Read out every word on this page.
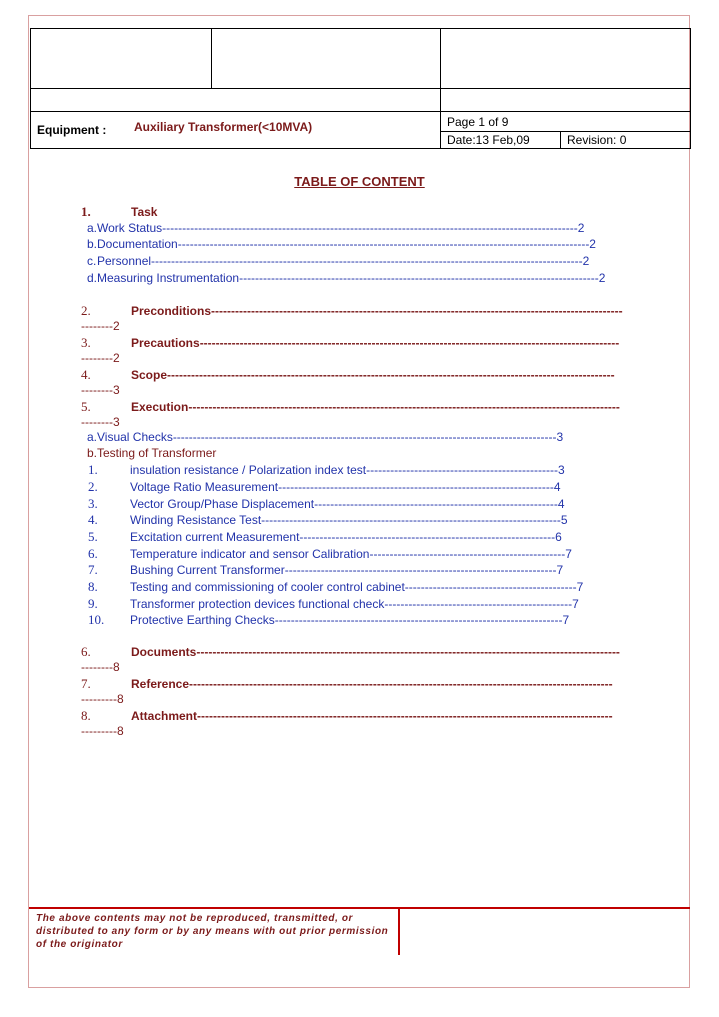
Equipment : Auxiliary Transformer(<10MVA)	Page 1 of 9
Date:13 Feb,09	Revision: 0
TABLE OF CONTENT
1.	Task
a.Work Status--------------------------------------------------------------------------------------------------------2
b.Documentation-------------------------------------------------------------------------------------------------------2
c.Personnel------------------------------------------------------------------------------------------------------------2
d.Measuring Instrumentation------------------------------------------------------------------------------------------2
2.	Preconditions-------------------------------------------------------------------------------------------------------
--------2
3.	Precautions---------------------------------------------------------------------------------------------------------
--------2
4.	Scope----------------------------------------------------------------------------------------------------------------
--------3
5.	Execution------------------------------------------------------------------------------------------------------------
--------3
a.Visual Checks------------------------------------------------------------------------------------------------3
b.Testing of Transformer
1.	insulation resistance / Polarization index test------------------------------------------------3
2.	Voltage Ratio Measurement---------------------------------------------------------------------4
3.	Vector Group/Phase Displacement-------------------------------------------------------------4
4.	Winding Resistance Test---------------------------------------------------------------------------5
5.	Excitation current Measurement----------------------------------------------------------------6
6.	Temperature indicator and sensor Calibration-------------------------------------------------7
7.	Bushing Current Transformer--------------------------------------------------------------------7
8.	Testing and commissioning of cooler control cabinet-------------------------------------------7
9.	Transformer protection devices functional check-----------------------------------------------7
10. Protective Earthing Checks------------------------------------------------------------------------7
6.	Documents----------------------------------------------------------------------------------------------------------
--------8
7.	Reference----------------------------------------------------------------------------------------------------------
---------8
8.	Attachment--------------------------------------------------------------------------------------------------------
---------8
The above contents may not be reproduced, transmitted, or distributed to any form or by any means with out prior permission of the originator
